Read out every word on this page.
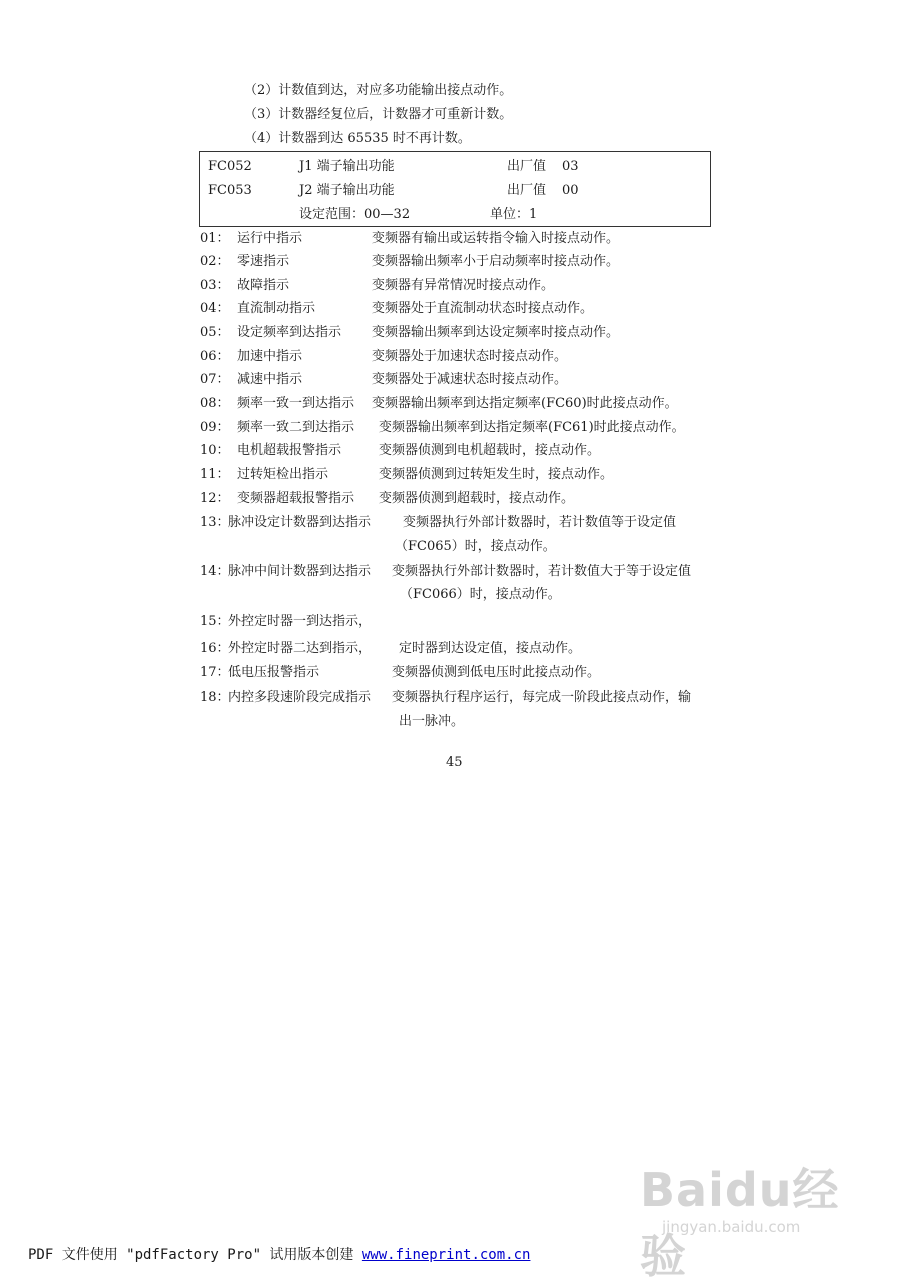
（2）计数值到达，对应多功能输出接点动作。
（3）计数器经复位后，计数器才可重新计数。
（4）计数器到达 65535 时不再计数。
FC052	J1 端子输出功能	出厂值 03
FC053	J2 端子输出功能	出厂值 00
设定范围：00—32	单位：1
01： 运行中指示	变频器有输出或运转指令输入时接点动作。
02： 零速指示	变频器输出频率小于启动频率时接点动作。
03： 故障指示	变频器有异常情况时接点动作。
04： 直流制动指示	变频器处于直流制动状态时接点动作。
05： 设定频率到达指示 变频器输出频率到达设定频率时接点动作。
06： 加速中指示	变频器处于加速状态时接点动作。
07： 减速中指示	变频器处于减速状态时接点动作。
08： 频率一致一到达指示 变频器输出频率到达指定频率(FC60)时此接点动作。
09： 频率一致二到达指示 变频器输出频率到达指定频率(FC61)时此接点动作。
10： 电机超载报警指示	变频器侦测到电机超载时，接点动作。
11： 过转矩检出指示	变频器侦测到过转矩发生时，接点动作。
12： 变频器超载报警指示 变频器侦测到超载时，接点动作。
13：
脉冲设定计数器到达指示 变频器执行外部计数器时，若计数值等于设定值
（FC065）时，接点动作。
14：
脉冲中间计数器到达指示 变频器执行外部计数器时，若计数值大于等于设定值
（FC066）时，接点动作。
15：
外控定时器一到达指示，
16：
外控定时器二达到指示， 定时器到达设定值，接点动作。
17：
低电压报警指示	变频器侦测到低电压时此接点动作。
18：
内控多段速阶段完成指示 变频器执行程序运行，每完成一阶段此接点动作，输
出一脉冲。
45
Baidu经验
jingyan.baidu.com
PDF 文件使用 "pdfFactory Pro" 试用版本创建 www.fineprint.com.cn
